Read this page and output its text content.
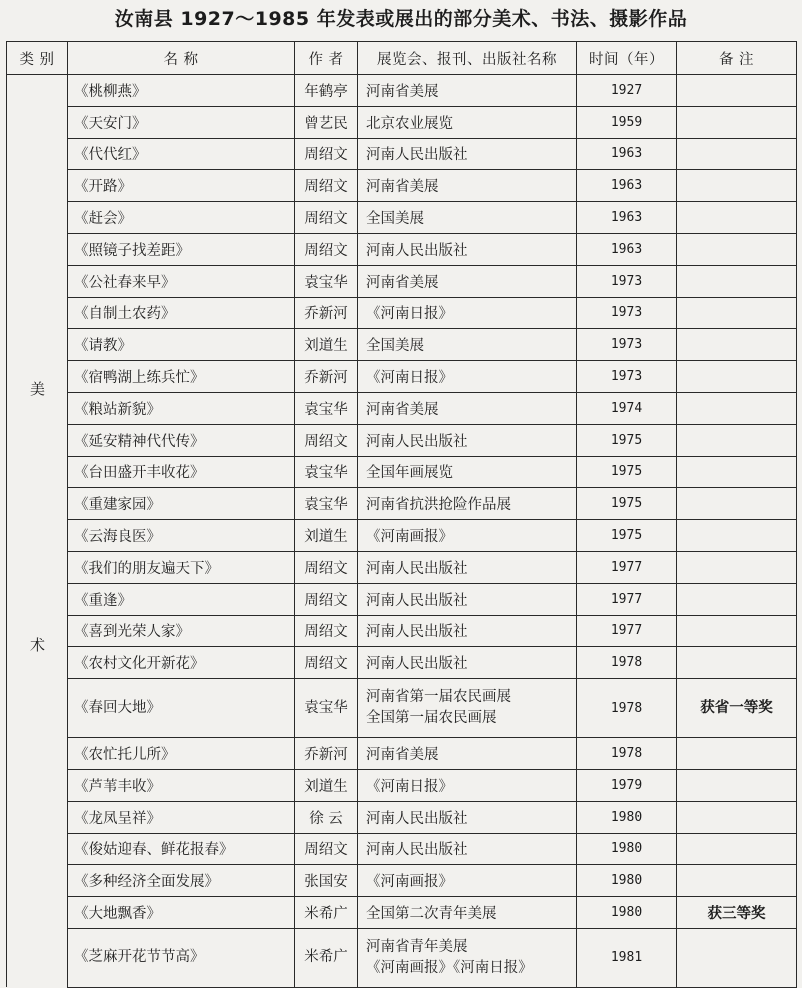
汝南县 1927～1985 年发表或展出的部分美术、书法、摄影作品
类 别	名 称	作 者	展览会、报刊、出版社名称	时间（年）	备 注
	《桃柳燕》	年鹤亭	河南省美展	1927	
	《天安门》	曾艺民	北京农业展览	1959	
	《代代红》	周绍文	河南人民出版社	1963	
	《开路》	周绍文	河南省美展	1963	
	《赶会》	周绍文	全国美展	1963	
	《照镜子找差距》	周绍文	河南人民出版社	1963	
	《公社春来早》	袁宝华	河南省美展	1973	
	《自制土农药》	乔新河	《河南日报》	1973	
	《请教》	刘道生	全国美展	1973	
	《宿鸭湖上练兵忙》	乔新河	《河南日报》	1973	
	《粮站新貌》	袁宝华	河南省美展	1974	
	《延安精神代代传》	周绍文	河南人民出版社	1975	
	《台田盛开丰收花》	袁宝华	全国年画展览	1975	
	《重建家园》	袁宝华	河南省抗洪抢险作品展	1975	
	《云海良医》	刘道生	《河南画报》	1975	
	《我们的朋友遍天下》	周绍文	河南人民出版社	1977	
	《重逢》	周绍文	河南人民出版社	1977	
	《喜到光荣人家》	周绍文	河南人民出版社	1977	
	《农村文化开新花》	周绍文	河南人民出版社	1978	
	《春回大地》	袁宝华	河南省第一届农民画展
全国第一届农民画展	1978	获省一等奖
	《农忙托儿所》	乔新河	河南省美展	1978	
	《芦苇丰收》	刘道生	《河南日报》	1979	
	《龙凤呈祥》	徐 云	河南人民出版社	1980	
	《俊姑迎春、鲜花报春》	周绍文	河南人民出版社	1980	
	《多种经济全面发展》	张国安	《河南画报》	1980	
	《大地飘香》	米希广	全国第二次青年美展	1980	获三等奖
	《芝麻开花节节高》	米希广	河南省青年美展
《河南画报》《河南日报》	1981	
美
术
